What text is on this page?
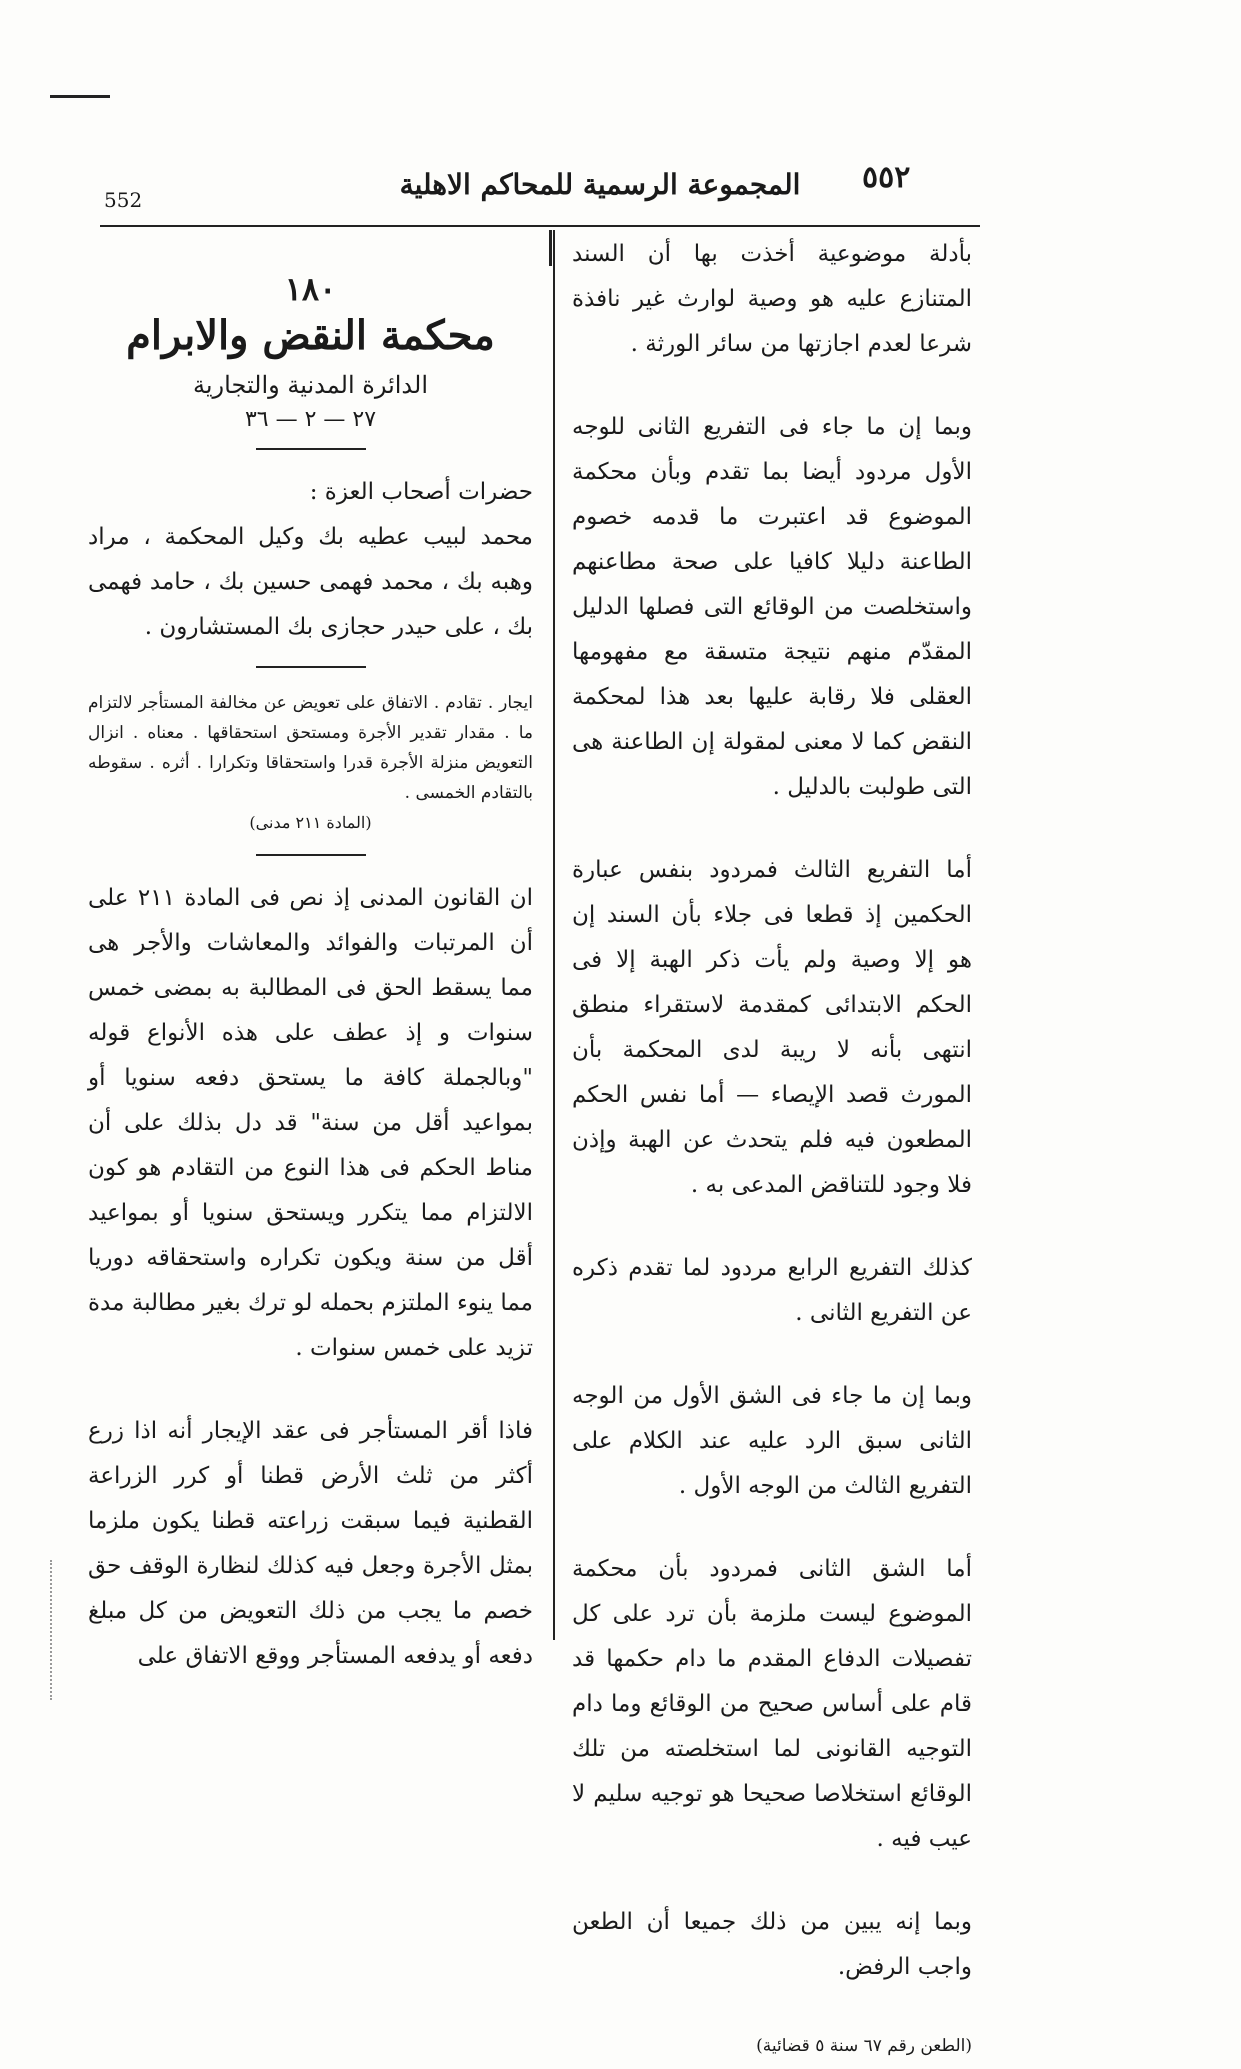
٥٥٢
المجموعة الرسمية للمحاكم الاهلية
552

بأدلة موضوعية أخذت بها أن السند المتنازع عليه هو وصية لوارث غير نافذة شرعا لعدم اجازتها من سائر الورثة .

وبما إن ما جاء فى التفريع الثانى للوجه الأول مردود أيضا بما تقدم وبأن محكمة الموضوع قد اعتبرت ما قدمه خصوم الطاعنة دليلا كافيا على صحة مطاعنهم واستخلصت من الوقائع التى فصلها الدليل المقدّم منهم نتيجة متسقة مع مفهومها العقلى فلا رقابة عليها بعد هذا لمحكمة النقض كما لا معنى لمقولة إن الطاعنة هى التى طولبت بالدليل .

أما التفريع الثالث فمردود بنفس عبارة الحكمين إذ قطعا فى جلاء بأن السند إن هو إلا وصية ولم يأت ذكر الهبة إلا فى الحكم الابتدائى كمقدمة لاستقراء منطق انتهى بأنه لا ريبة لدى المحكمة بأن المورث قصد الإيصاء — أما نفس الحكم المطعون فيه فلم يتحدث عن الهبة وإذن فلا وجود للتناقض المدعى به .

كذلك التفريع الرابع مردود لما تقدم ذكره عن التفريع الثانى .

وبما إن ما جاء فى الشق الأول من الوجه الثانى سبق الرد عليه عند الكلام على التفريع الثالث من الوجه الأول .

أما الشق الثانى فمردود بأن محكمة الموضوع ليست ملزمة بأن ترد على كل تفصيلات الدفاع المقدم ما دام حكمها قد قام على أساس صحيح من الوقائع وما دام التوجيه القانونى لما استخلصته من تلك الوقائع استخلاصا صحيحا هو توجيه سليم لا عيب فيه .

وبما إنه يبين من ذلك جميعا أن الطعن واجب الرفض.

(الطعن رقم ٦٧ سنة ٥ قضائية)

١٨٠
محكمة النقض والابرام
الدائرة المدنية والتجارية
٢٧ — ٢ — ٣٦

حضرات أصحاب العزة :

محمد لبيب عطيه بك وكيل المحكمة ، مراد وهبه بك ، محمد فهمى حسين بك ، حامد فهمى بك ، على حيدر حجازى بك المستشارون .

ايجار . تقادم . الاتفاق على تعويض عن مخالفة المستأجر لالتزام ما . مقدار تقدير الأجرة ومستحق استحقاقها . معناه . انزال التعويض منزلة الأجرة قدرا واستحقاقا وتكرارا . أثره . سقوطه بالتقادم الخمسى .

(المادة ٢١١ مدنى)

ان القانون المدنى إذ نص فى المادة ٢١١ على أن المرتبات والفوائد والمعاشات والأجر هى مما يسقط الحق فى المطالبة به بمضى خمس سنوات و إذ عطف على هذه الأنواع قوله "وبالجملة كافة ما يستحق دفعه سنويا أو بمواعيد أقل من سنة" قد دل بذلك على أن مناط الحكم فى هذا النوع من التقادم هو كون الالتزام مما يتكرر ويستحق سنويا أو بمواعيد أقل من سنة ويكون تكراره واستحقاقه دوريا مما ينوء الملتزم بحمله لو ترك بغير مطالبة مدة تزيد على خمس سنوات .

فاذا أقر المستأجر فى عقد الإيجار أنه اذا زرع أكثر من ثلث الأرض قطنا أو كرر الزراعة القطنية فيما سبقت زراعته قطنا يكون ملزما بمثل الأجرة وجعل فيه كذلك لنظارة الوقف حق خصم ما يجب من ذلك التعويض من كل مبلغ دفعه أو يدفعه المستأجر ووقع الاتفاق على
